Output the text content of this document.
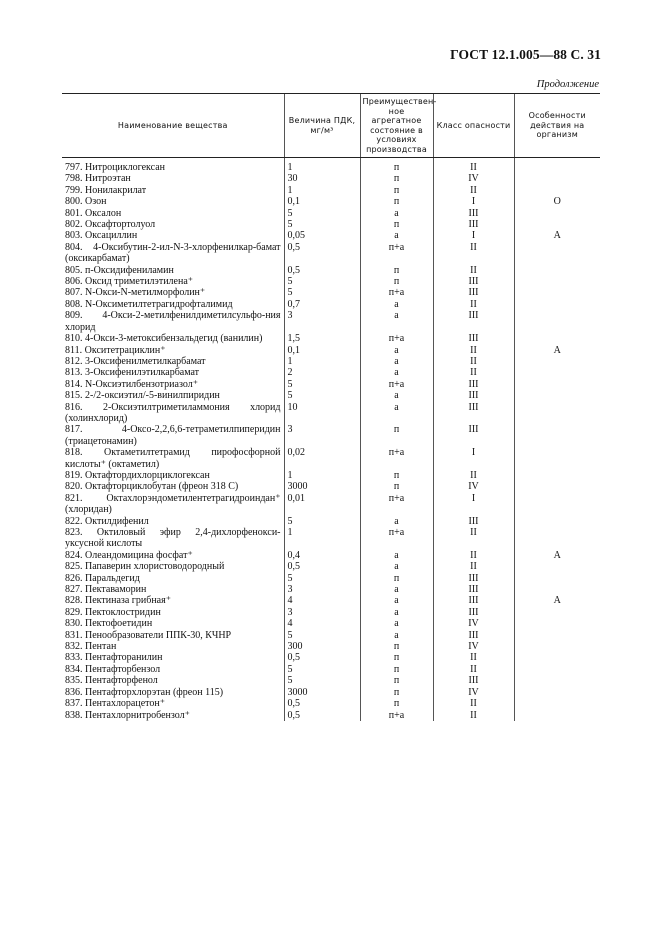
ГОСТ 12.1.005—88 С. 31
Продолжение
Наименование вещества	Величина ПДК, мг/м³	Преимуществен-ное агрегатное состояние в условиях производства	Класс опасности	Особенности действия на организм
797. Нитроциклогексан	1	п	II	
798. Нитроэтан	30	п	IV	
799. Нонилакрилат	1	п	II	
800. Озон	0,1	п	I	О
801. Оксалон	5	а	III	
802. Оксафтортолуол	5	п	III	
803. Оксациллин	0,05	а	I	А
804. 4-Оксибутин-2-ил-N-3-хлорфенилкар-бамат (оксикарбамат)	0,5	п+а	II	
805. п-Оксидифениламин	0,5	п	II	
806. Оксид триметилэтилена⁺	5	п	III	
807. N-Окси-N-метилморфолин⁺	5	п+а	III	
808. N-Оксиметилтетрагидрофталимид	0,7	а	II	
809. 4-Окси-2-метилфенилдиметилсульфо-ния хлорид	3	а	III	
810. 4-Окси-3-метоксибензальдегид (ванилин)	1,5	п+а	III	
811. Окситетрациклин⁺	0,1	а	II	А
812. 3-Оксифенилметилкарбамат	1	а	II	
813. 3-Оксифенилэтилкарбамат	2	а	II	
814. N-Оксиэтилбензотриазол⁺	5	п+а	III	
815. 2-/2-оксиэтил/-5-винилпиридин	5	а	III	
816. 2-Оксиэтилтриметиламмония хлорид (холинхлорид)	10	а	III	
817. 4-Оксо-2,2,6,6-тетраметилпиперидин (триацетонамин)	3	п	III	
818. Октаметилтетрамид пирофосфорной кислоты⁺ (октаметил)	0,02	п+а	I	
819. Октафтордихлорциклогексан	1	п	II	
820. Октафторциклобутан (фреон 318 С)	3000	п	IV	
821. Октахлорэндометилентетрагидроиндан⁺ (хлоридан)	0,01	п+а	I	
822. Октилдифенил	5	а	III	
823. Октиловый эфир 2,4-дихлорфенокси-уксусной кислоты	1	п+а	II	
824. Олеандомицина фосфат⁺	0,4	а	II	А
825. Папаверин хлористоводородный	0,5	а	II	
826. Паральдегид	5	п	III	
827. Пектаваморин	3	а	III	
828. Пектиназа грибная⁺	4	а	III	А
829. Пектоклостридин	3	а	III	
830. Пектофоетидин	4	а	IV	
831. Пенообразователи ППК-30, КЧНР	5	а	III	
832. Пентан	300	п	IV	
833. Пентафторанилин	0,5	п	II	
834. Пентафторбензол	5	п	II	
835. Пентафторфенол	5	п	III	
836. Пентафторхлорэтан (фреон 115)	3000	п	IV	
837. Пентахлорацетон⁺	0,5	п	II	
838. Пентахлорнитробензол⁺	0,5	п+а	II	
